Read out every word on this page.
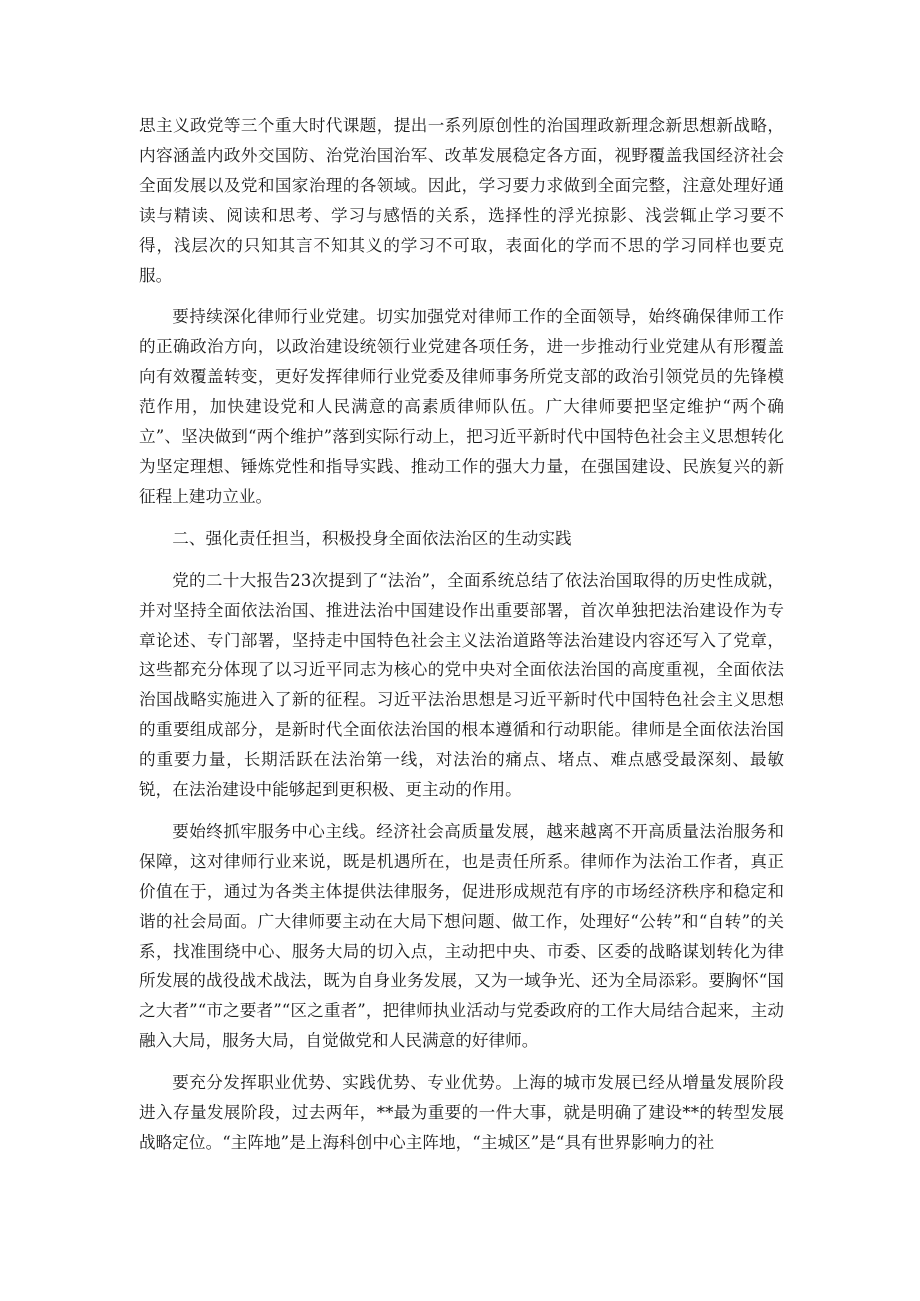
思主义政党等三个重大时代课题，提出一系列原创性的治国理政新理念新思想新战略，内容涵盖内政外交国防、治党治国治军、改革发展稳定各方面，视野覆盖我国经济社会全面发展以及党和国家治理的各领域。因此，学习要力求做到全面完整，注意处理好通读与精读、阅读和思考、学习与感悟的关系，选择性的浮光掠影、浅尝辄止学习要不得，浅层次的只知其言不知其义的学习不可取，表面化的学而不思的学习同样也要克服。

要持续深化律师行业党建。切实加强党对律师工作的全面领导，始终确保律师工作的正确政治方向，以政治建设统领行业党建各项任务，进一步推动行业党建从有形覆盖向有效覆盖转变，更好发挥律师行业党委及律师事务所党支部的政治引领党员的先锋模范作用，加快建设党和人民满意的高素质律师队伍。广大律师要把坚定维护“两个确立”、坚决做到“两个维护”落到实际行动上，把习近平新时代中国特色社会主义思想转化为坚定理想、锤炼党性和指导实践、推动工作的强大力量，在强国建设、民族复兴的新征程上建功立业。

二、强化责任担当，积极投身全面依法治区的生动实践

党的二十大报告23次提到了“法治”，全面系统总结了依法治国取得的历史性成就，并对坚持全面依法治国、推进法治中国建设作出重要部署，首次单独把法治建设作为专章论述、专门部署，坚持走中国特色社会主义法治道路等法治建设内容还写入了党章，这些都充分体现了以习近平同志为核心的党中央对全面依法治国的高度重视，全面依法治国战略实施进入了新的征程。习近平法治思想是习近平新时代中国特色社会主义思想的重要组成部分，是新时代全面依法治国的根本遵循和行动职能。律师是全面依法治国的重要力量，长期活跃在法治第一线，对法治的痛点、堵点、难点感受最深刻、最敏锐，在法治建设中能够起到更积极、更主动的作用。

要始终抓牢服务中心主线。经济社会高质量发展，越来越离不开高质量法治服务和保障，这对律师行业来说，既是机遇所在，也是责任所系。律师作为法治工作者，真正价值在于，通过为各类主体提供法律服务，促进形成规范有序的市场经济秩序和稳定和谐的社会局面。广大律师要主动在大局下想问题、做工作，处理好“公转”和“自转”的关系，找准围绕中心、服务大局的切入点，主动把中央、市委、区委的战略谋划转化为律所发展的战役战术战法，既为自身业务发展，又为一域争光、还为全局添彩。要胸怀“国之大者”“市之要者”“区之重者”，把律师执业活动与党委政府的工作大局结合起来，主动融入大局，服务大局，自觉做党和人民满意的好律师。

要充分发挥职业优势、实践优势、专业优势。上海的城市发展已经从增量发展阶段进入存量发展阶段，过去两年，**最为重要的一件大事，就是明确了建设**的转型发展战略定位。“主阵地”是上海科创中心主阵地，“主城区”是“具有世界影响力的社
